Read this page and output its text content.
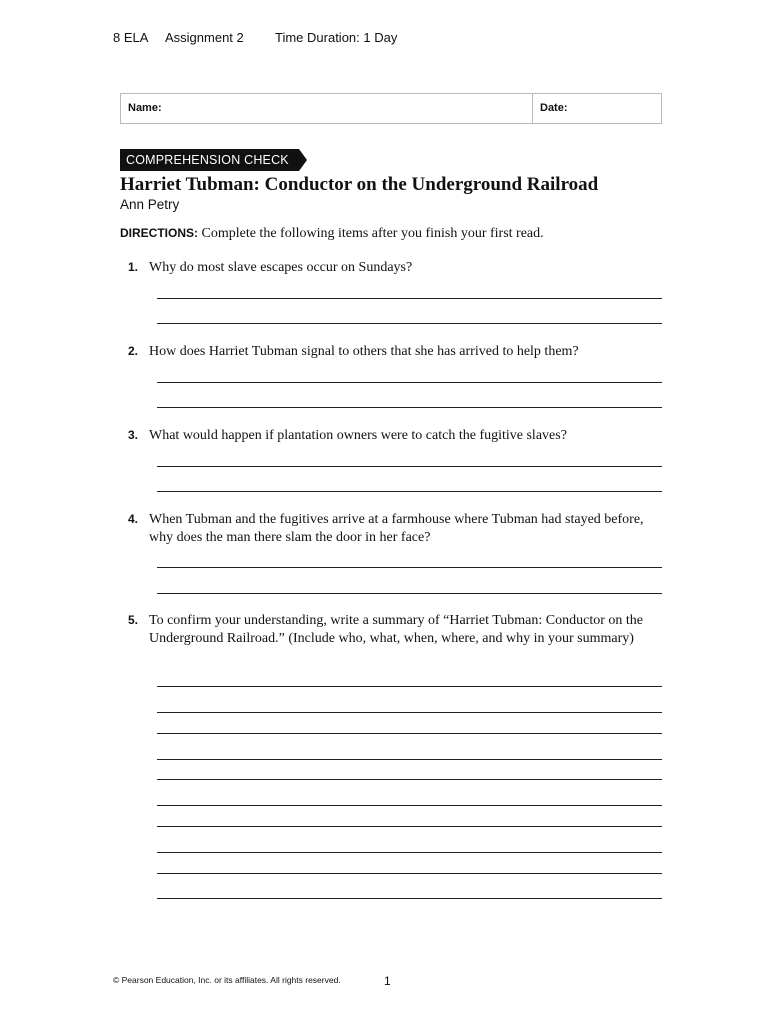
8 ELA Assignment 2 Time Duration: 1 Day
Name:	Date:
COMPREHENSION CHECK
Harriet Tubman: Conductor on the Underground Railroad
Ann Petry
DIRECTIONS: Complete the following items after you finish your first read.
1. Why do most slave escapes occur on Sundays?
2. How does Harriet Tubman signal to others that she has arrived to help them?
3. What would happen if plantation owners were to catch the fugitive slaves?
4. When Tubman and the fugitives arrive at a farmhouse where Tubman had stayed before, why does the man there slam the door in her face?
5. To confirm your understanding, write a summary of “Harriet Tubman: Conductor on the Underground Railroad.” (Include who, what, when, where, and why in your summary)
© Pearson Education, Inc. or its affiliates. All rights reserved.	1
